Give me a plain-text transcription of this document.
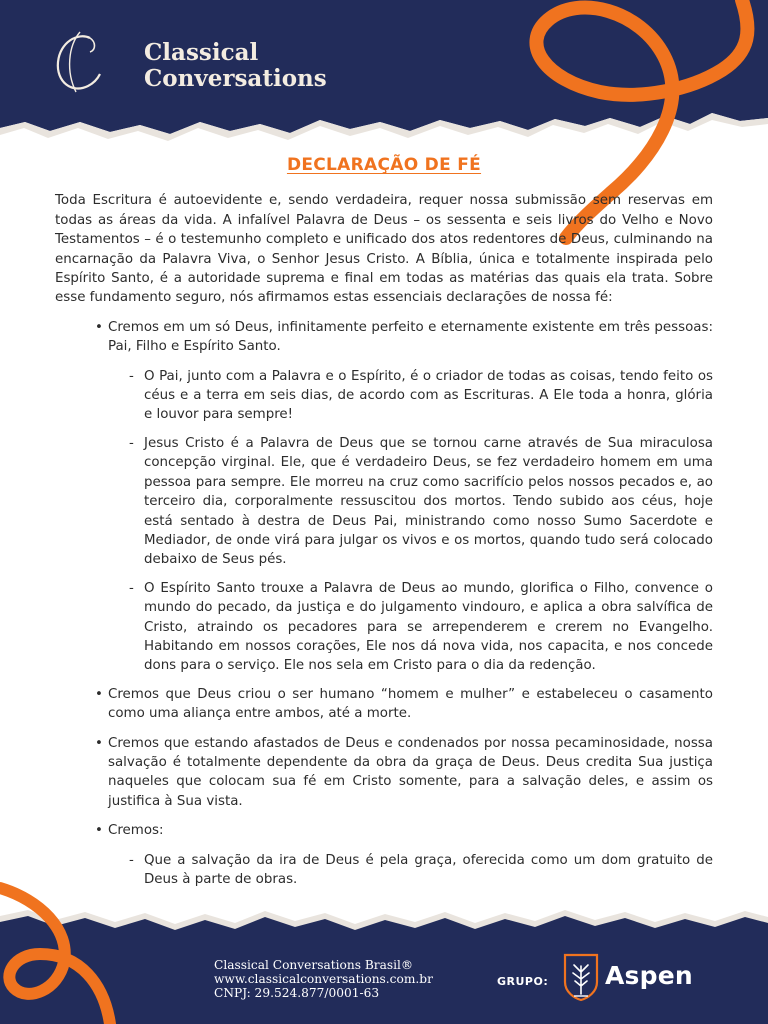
Classical
Conversations
DECLARAÇÃO DE FÉ

Toda Escritura é autoevidente e, sendo verdadeira, requer nossa submissão sem reservas em todas as áreas da vida. A infalível Palavra de Deus – os sessenta e seis livros do Velho e Novo Testamentos – é o testemunho completo e unificado dos atos redentores de Deus, culminando na encarnação da Palavra Viva, o Senhor Jesus Cristo. A Bíblia, única e totalmente inspirada pelo Espírito Santo, é a autoridade suprema e final em todas as matérias das quais ela trata. Sobre esse fundamento seguro, nós afirmamos estas essenciais declarações de nossa fé:

• Cremos em um só Deus, infinitamente perfeito e eternamente existente em três pessoas: Pai, Filho e Espírito Santo.
- O Pai, junto com a Palavra e o Espírito, é o criador de todas as coisas, tendo feito os céus e a terra em seis dias, de acordo com as Escrituras. A Ele toda a honra, glória e louvor para sempre!
- Jesus Cristo é a Palavra de Deus que se tornou carne através de Sua miraculosa concepção virginal. Ele, que é verdadeiro Deus, se fez verdadeiro homem em uma pessoa para sempre. Ele morreu na cruz como sacrifício pelos nossos pecados e, ao terceiro dia, corporalmente ressuscitou dos mortos. Tendo subido aos céus, hoje está sentado à destra de Deus Pai, ministrando como nosso Sumo Sacerdote e Mediador, de onde virá para julgar os vivos e os mortos, quando tudo será colocado debaixo de Seus pés.
- O Espírito Santo trouxe a Palavra de Deus ao mundo, glorifica o Filho, convence o mundo do pecado, da justiça e do julgamento vindouro, e aplica a obra salvífica de Cristo, atraindo os pecadores para se arrependerem e crerem no Evangelho. Habitando em nossos corações, Ele nos dá nova vida, nos capacita, e nos concede dons para o serviço. Ele nos sela em Cristo para o dia da redenção.
• Cremos que Deus criou o ser humano “homem e mulher” e estabeleceu o casamento como uma aliança entre ambos, até a morte.
• Cremos que estando afastados de Deus e condenados por nossa pecaminosidade, nossa salvação é totalmente dependente da obra da graça de Deus. Deus credita Sua justiça naqueles que colocam sua fé em Cristo somente, para a salvação deles, e assim os justifica à Sua vista.
• Cremos:
- Que a salvação da ira de Deus é pela graça, oferecida como um dom gratuito de Deus à parte de obras.
Classical Conversations Brasil®
www.classicalconversations.com.br
CNPJ: 29.524.877/0001-63
GRUPO: Aspen
